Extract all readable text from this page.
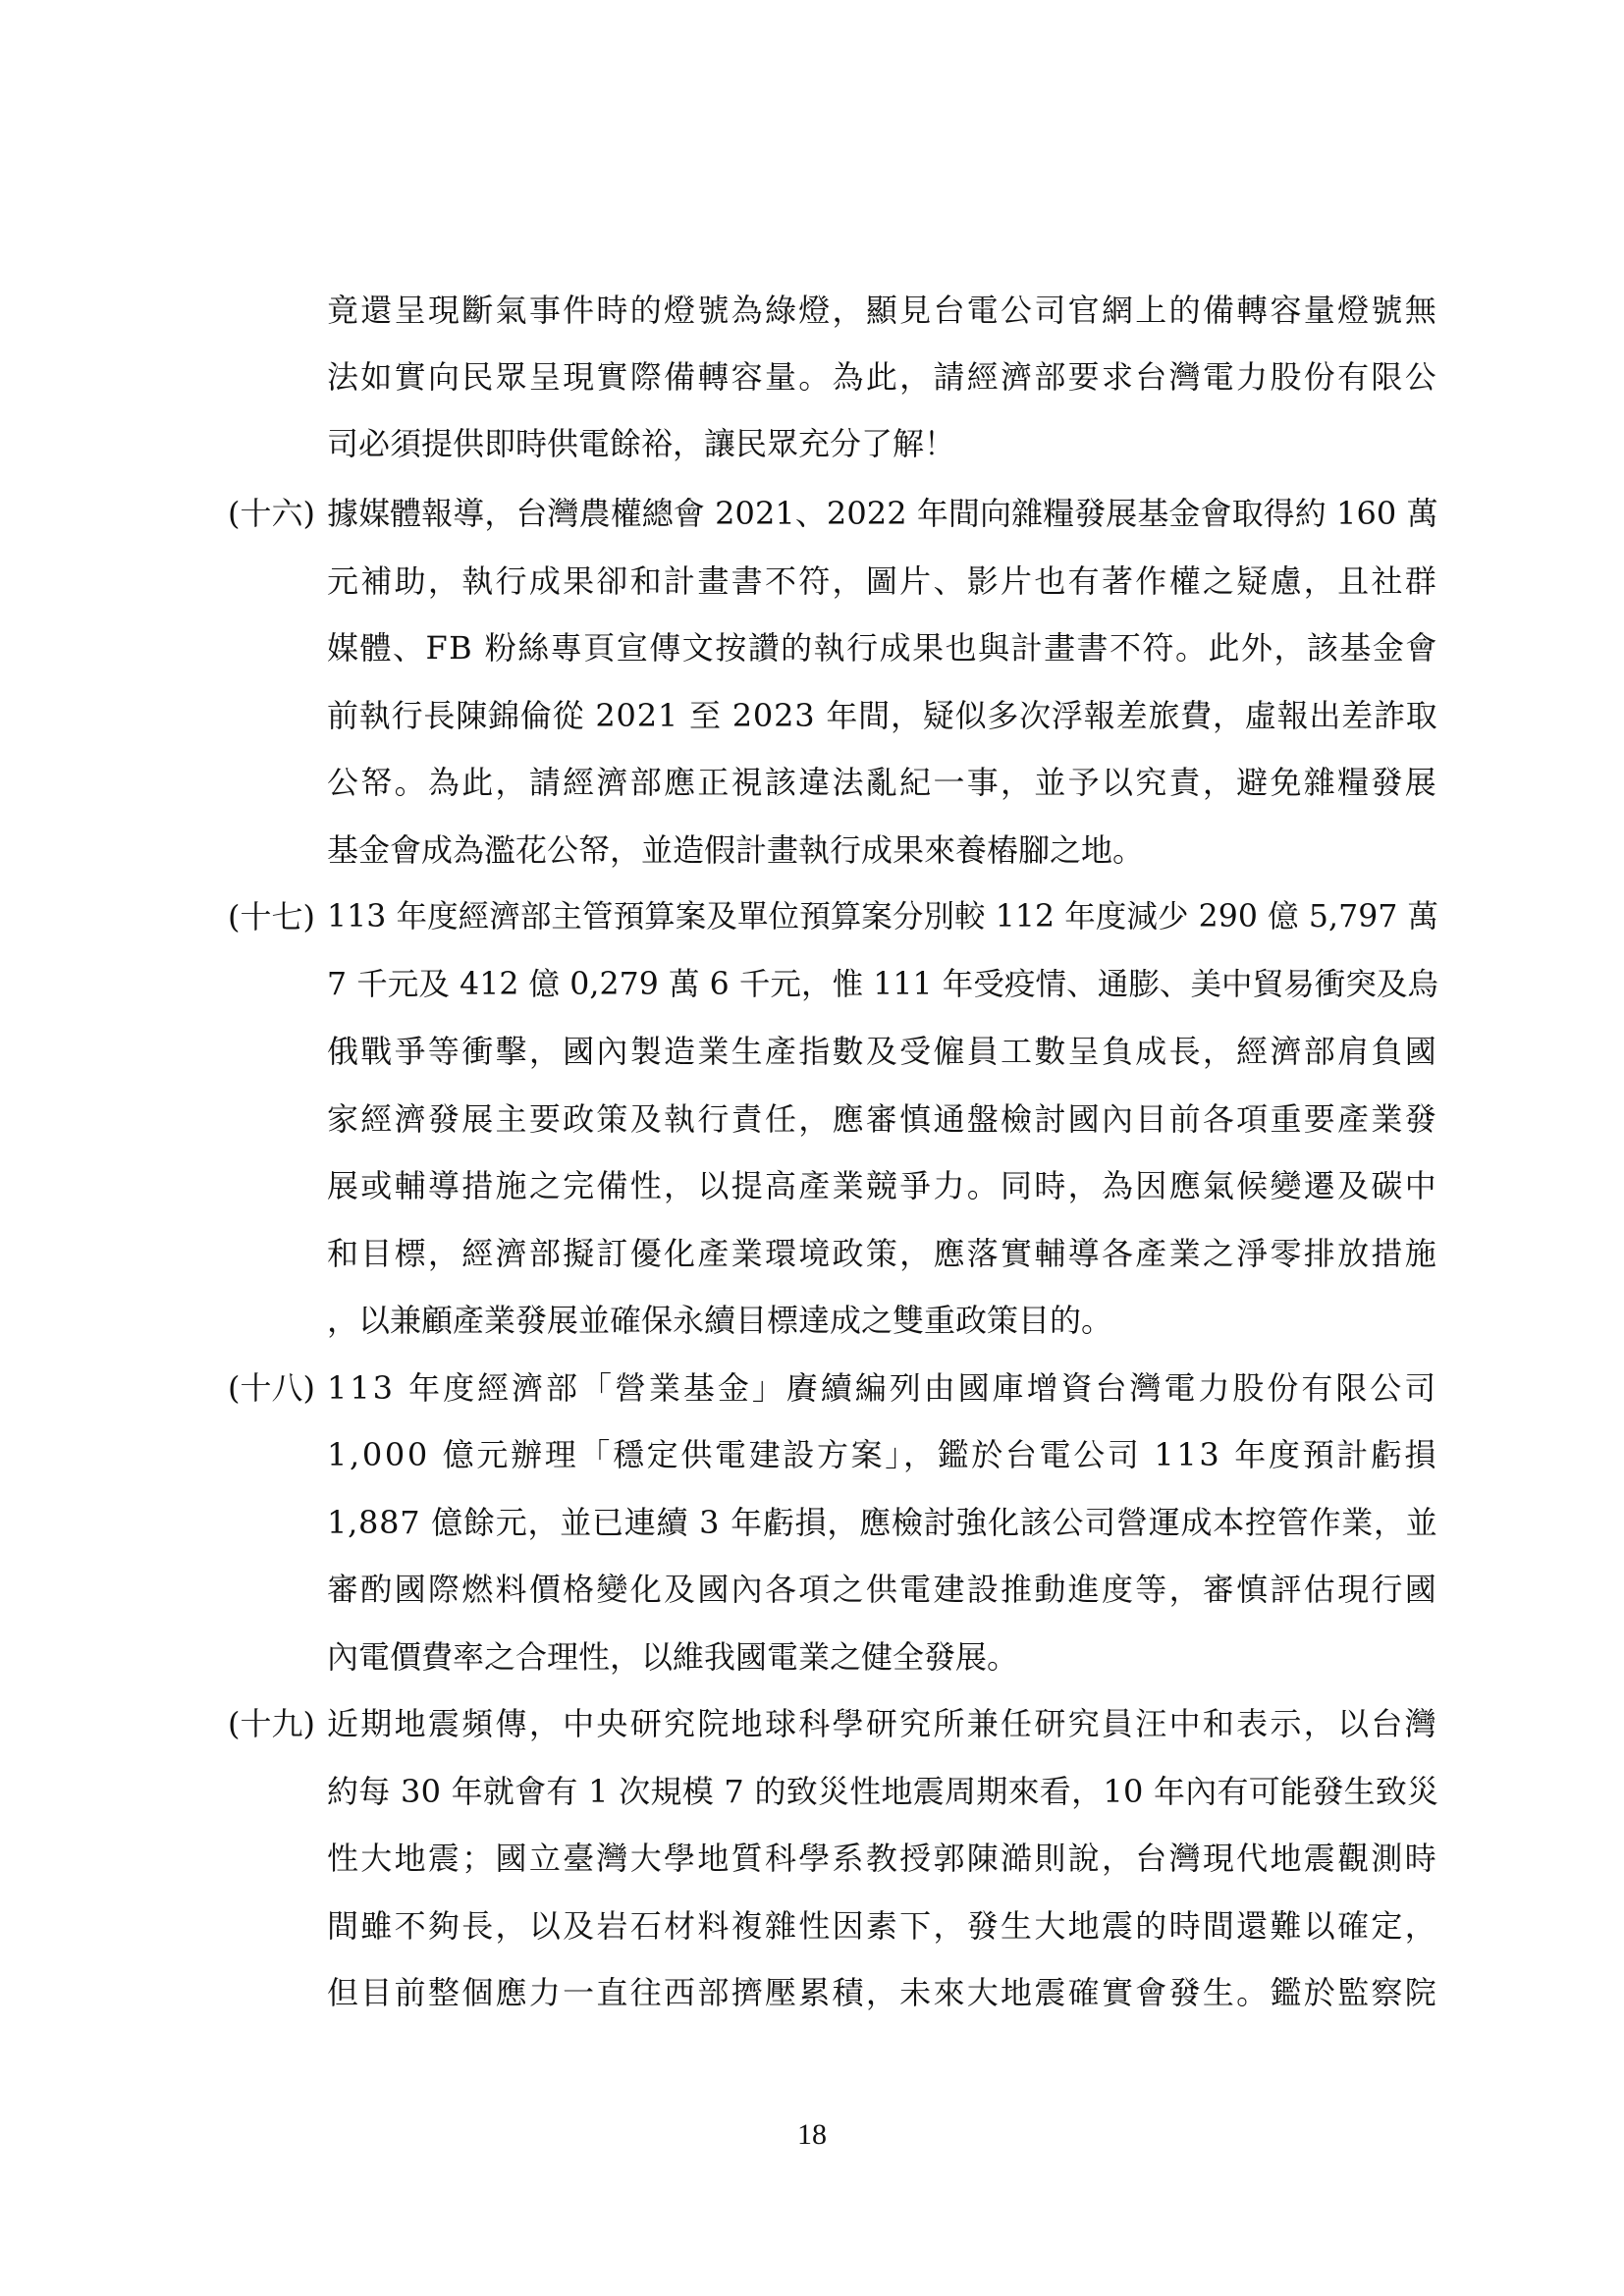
竟還呈現斷氣事件時的燈號為綠燈，顯見台電公司官網上的備轉容量燈號無
法如實向民眾呈現實際備轉容量。為此，請經濟部要求台灣電力股份有限公
司必須提供即時供電餘裕，讓民眾充分了解！
(十六) 據媒體報導，台灣農權總會 2021、2022 年間向雜糧發展基金會取得約 160 萬
元補助，執行成果卻和計畫書不符，圖片、影片也有著作權之疑慮，且社群
媒體、FB 粉絲專頁宣傳文按讚的執行成果也與計畫書不符。此外，該基金會
前執行長陳錦倫從 2021 至 2023 年間，疑似多次浮報差旅費，虛報出差詐取
公帑。為此，請經濟部應正視該違法亂紀一事，並予以究責，避免雜糧發展
基金會成為濫花公帑，並造假計畫執行成果來養樁腳之地。
(十七) 113 年度經濟部主管預算案及單位預算案分別較 112 年度減少 290 億 5,797 萬
7 千元及 412 億 0,279 萬 6 千元，惟 111 年受疫情、通膨、美中貿易衝突及烏
俄戰爭等衝擊，國內製造業生產指數及受僱員工數呈負成長，經濟部肩負國
家經濟發展主要政策及執行責任，應審慎通盤檢討國內目前各項重要產業發
展或輔導措施之完備性，以提高產業競爭力。同時，為因應氣候變遷及碳中
和目標，經濟部擬訂優化產業環境政策，應落實輔導各產業之淨零排放措施
，以兼顧產業發展並確保永續目標達成之雙重政策目的。
(十八) 113 年度經濟部「營業基金」賡續編列由國庫增資台灣電力股份有限公司
1,000 億元辦理「穩定供電建設方案」，鑑於台電公司 113 年度預計虧損
1,887 億餘元，並已連續 3 年虧損，應檢討強化該公司營運成本控管作業，並
審酌國際燃料價格變化及國內各項之供電建設推動進度等，審慎評估現行國
內電價費率之合理性，以維我國電業之健全發展。
(十九) 近期地震頻傳，中央研究院地球科學研究所兼任研究員汪中和表示，以台灣
約每 30 年就會有 1 次規模 7 的致災性地震周期來看，10 年內有可能發生致災
性大地震；國立臺灣大學地質科學系教授郭陳澔則說，台灣現代地震觀測時
間雖不夠長，以及岩石材料複雜性因素下，發生大地震的時間還難以確定，
但目前整個應力一直往西部擠壓累積，未來大地震確實會發生。鑑於監察院
18
